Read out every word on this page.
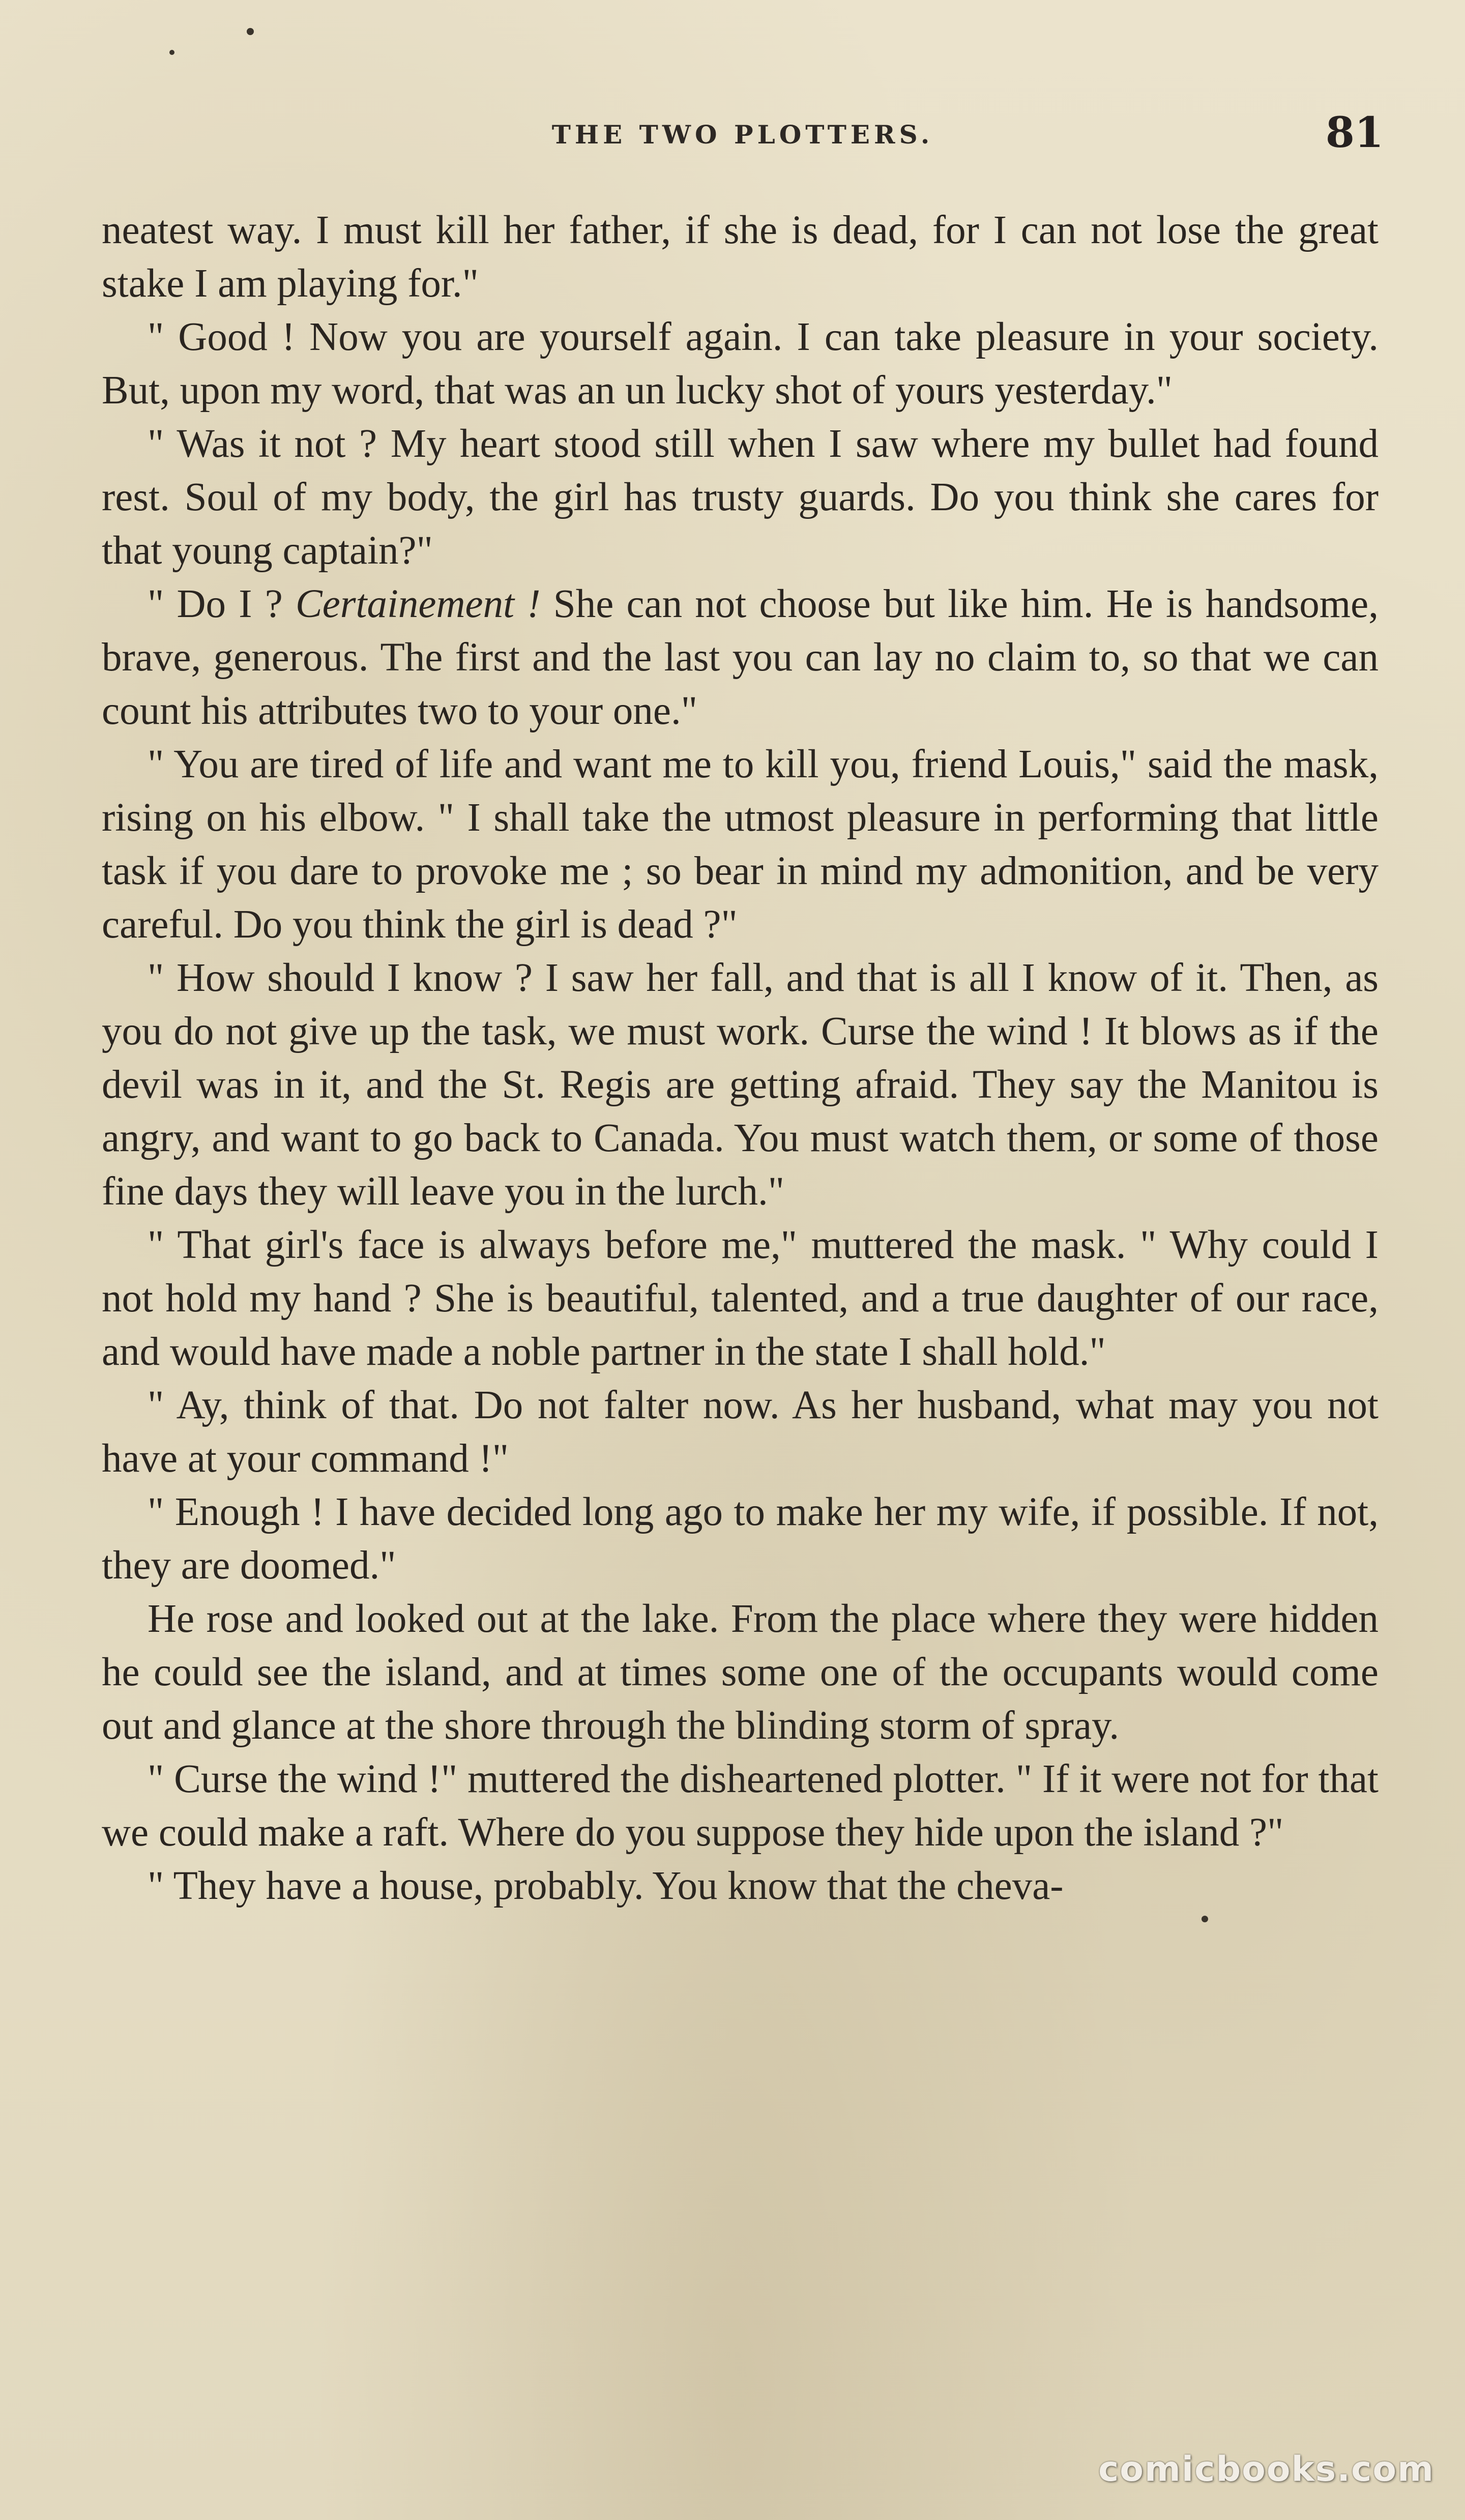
THE TWO PLOTTERS.	81

neatest way. I must kill her father, if she is dead, for I can not lose the great stake I am playing for."

" Good ! Now you are yourself again. I can take pleasure in your society. But, upon my word, that was an un lucky shot of yours yesterday."

" Was it not ? My heart stood still when I saw where my bullet had found rest. Soul of my body, the girl has trusty guards. Do you think she cares for that young captain?"

" Do I ? Certainement ! She can not choose but like him. He is handsome, brave, generous. The first and the last you can lay no claim to, so that we can count his attributes two to your one."

" You are tired of life and want me to kill you, friend Louis," said the mask, rising on his elbow. " I shall take the utmost pleasure in performing that little task if you dare to provoke me ; so bear in mind my admonition, and be very careful. Do you think the girl is dead ?"

" How should I know ? I saw her fall, and that is all I know of it. Then, as you do not give up the task, we must work. Curse the wind ! It blows as if the devil was in it, and the St. Regis are getting afraid. They say the Manitou is angry, and want to go back to Canada. You must watch them, or some of those fine days they will leave you in the lurch."

" That girl's face is always before me," muttered the mask. " Why could I not hold my hand ? She is beautiful, talented, and a true daughter of our race, and would have made a noble partner in the state I shall hold."

" Ay, think of that. Do not falter now. As her husband, what may you not have at your command !"

" Enough ! I have decided long ago to make her my wife, if possible. If not, they are doomed."

He rose and looked out at the lake. From the place where they were hidden he could see the island, and at times some one of the occupants would come out and glance at the shore through the blinding storm of spray.

" Curse the wind !" muttered the disheartened plotter. " If it were not for that we could make a raft. Where do you suppose they hide upon the island ?"

" They have a house, probably. You know that the cheva-

comicbooks.com
